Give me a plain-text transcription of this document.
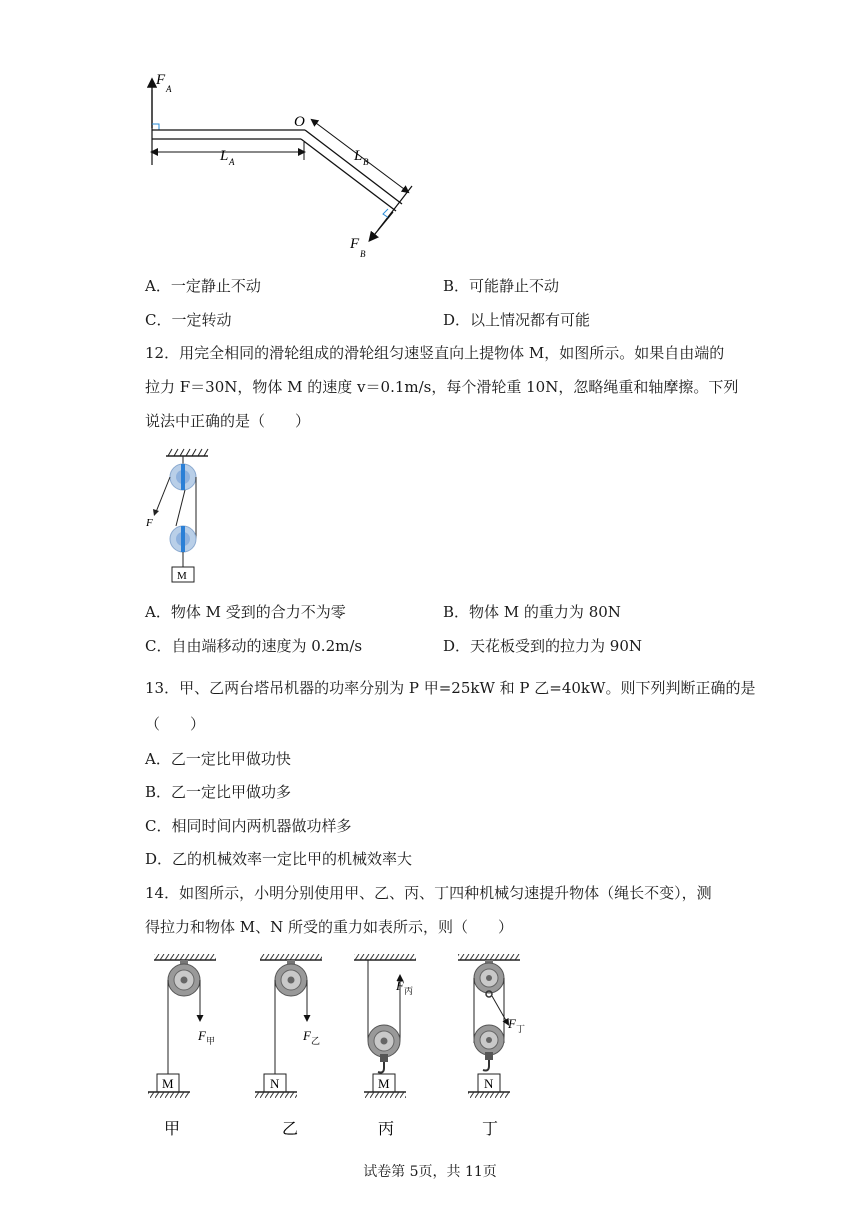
F
A
O
L A	L B
F
B
A．一定静止不动	B．可能静止不动
C．一定转动	D．以上情况都有可能
12．用完全相同的滑轮组成的滑轮组匀速竖直向上提物体 M，如图所示。如果自由端的
拉力 F＝30N，物体 M 的速度 v＝0.1m/s，每个滑轮重 10N，忽略绳重和轴摩擦。下列
说法中正确的是（　　）
F
M
A．物体 M 受到的合力不为零	B．物体 M 的重力为 80N
C．自由端移动的速度为 0.2m/s	D．天花板受到的拉力为 90N
13．甲、乙两台塔吊机器的功率分别为 P 甲=25kW 和 P 乙=40kW。则下列判断正确的是
（　　）
A．乙一定比甲做功快
B．乙一定比甲做功多
C．相同时间内两机器做功样多
D．乙的机械效率一定比甲的机械效率大
14．如图所示，小明分别使用甲、乙、丙、丁四种机械匀速提升物体（绳长不变），测
得拉力和物体 M、N 所受的重力如表所示，则（　　）
F 甲
M
甲
F 乙
N
乙
F 丙
M
丙
F 丁
N
丁
试卷第 5页，共 11页
